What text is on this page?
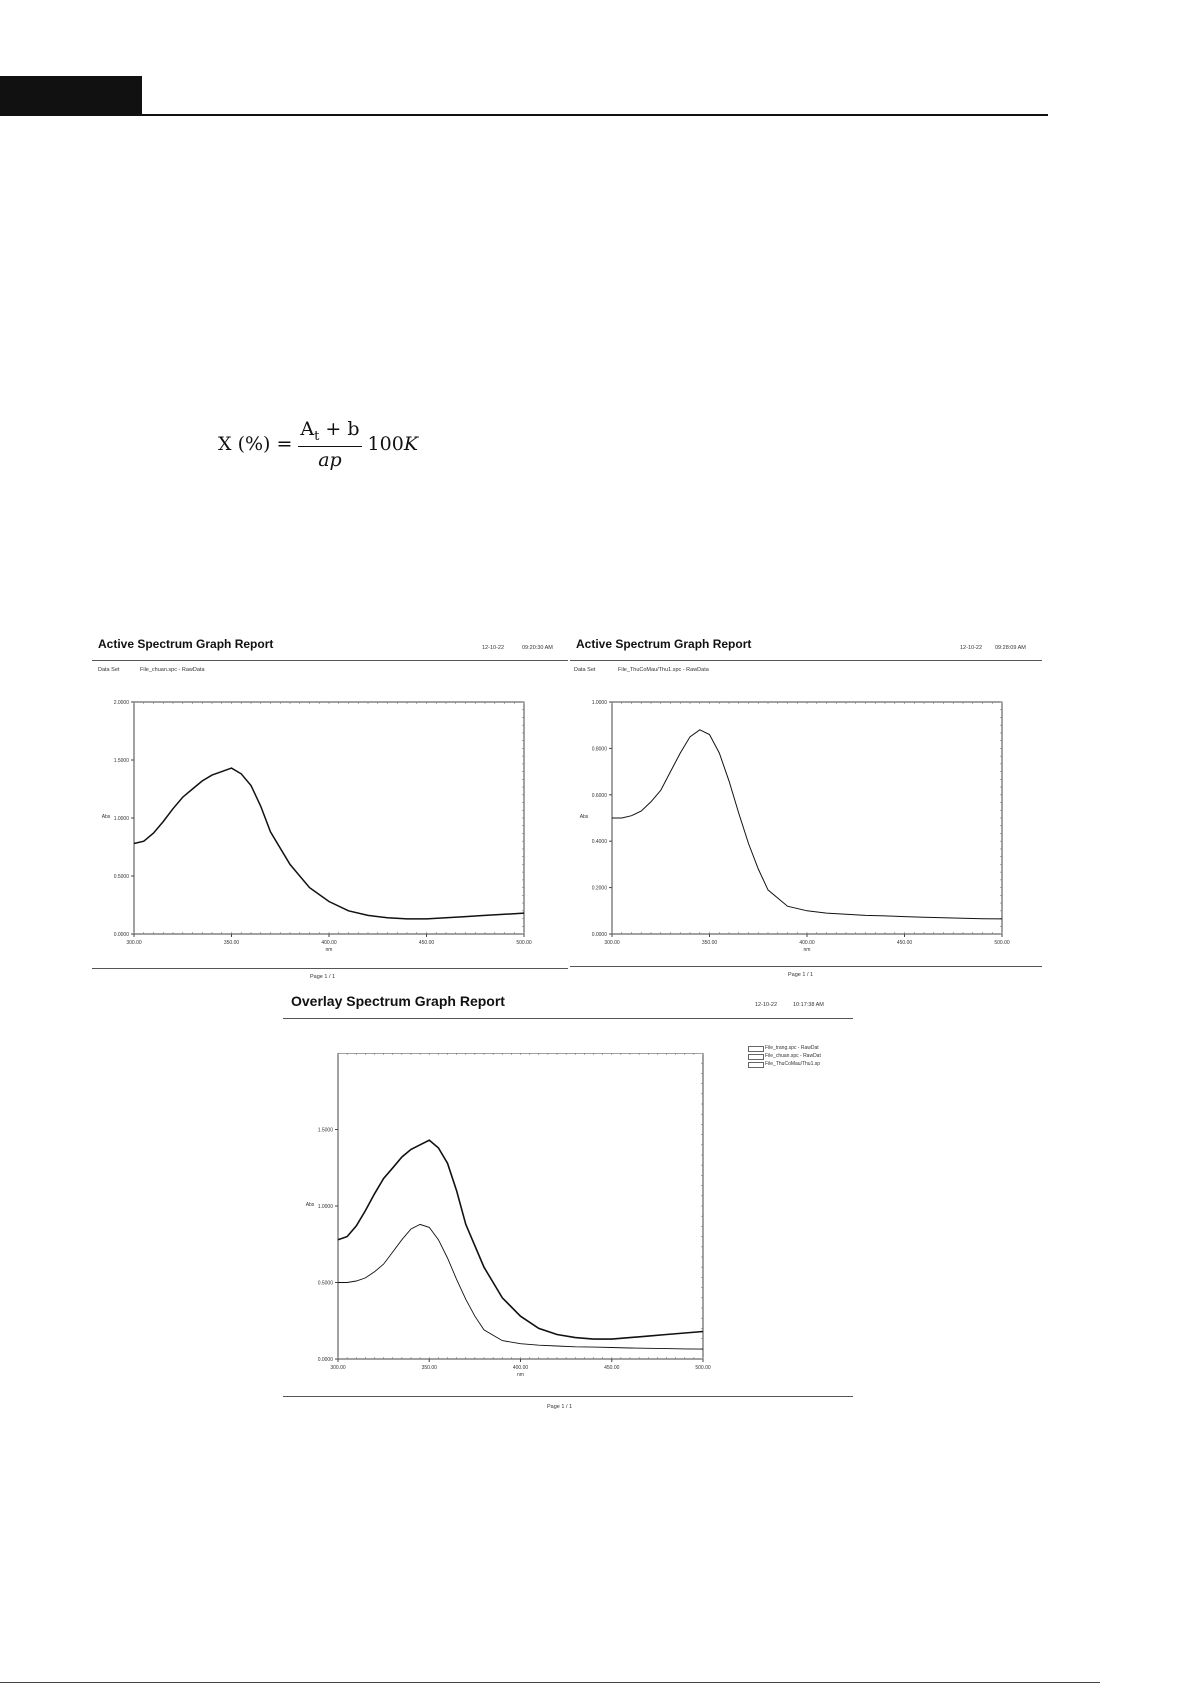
X (%) = $\frac{A_t + b}{ap} 100$ K
Active Spectrum Graph Report	12-10-22	09:20:30 AM
Data Set	File_chuan.spc - RawData
300.00	350.00	400.00	450.00	500.00
0.0000
0.5000
1.0000
1.5000
2.0000
nm
Abs
Page 1 / 1
Active Spectrum Graph Report	12-10-22 09:28:09 AM
Data Set	File_ThuCoMau/Thu1.spc - RawData
300.00	350.00	400.00	450.00	500.00
0.0000
0.2000
0.4000
0.6000
0.8000
1.0000
nm
Abs
Page 1 / 1
Overlay Spectrum Graph Report	12-10-22	10:17:38 AM
File_trang.spc - RawDat
File_chuan.spc - RawDat
File_ThuCoMau/Thu1.sp
300.00	350.00	400.00	450.00	500.00
0.0000
0.5000
1.0000
1.5000
nm
Abs
Page 1 / 1
